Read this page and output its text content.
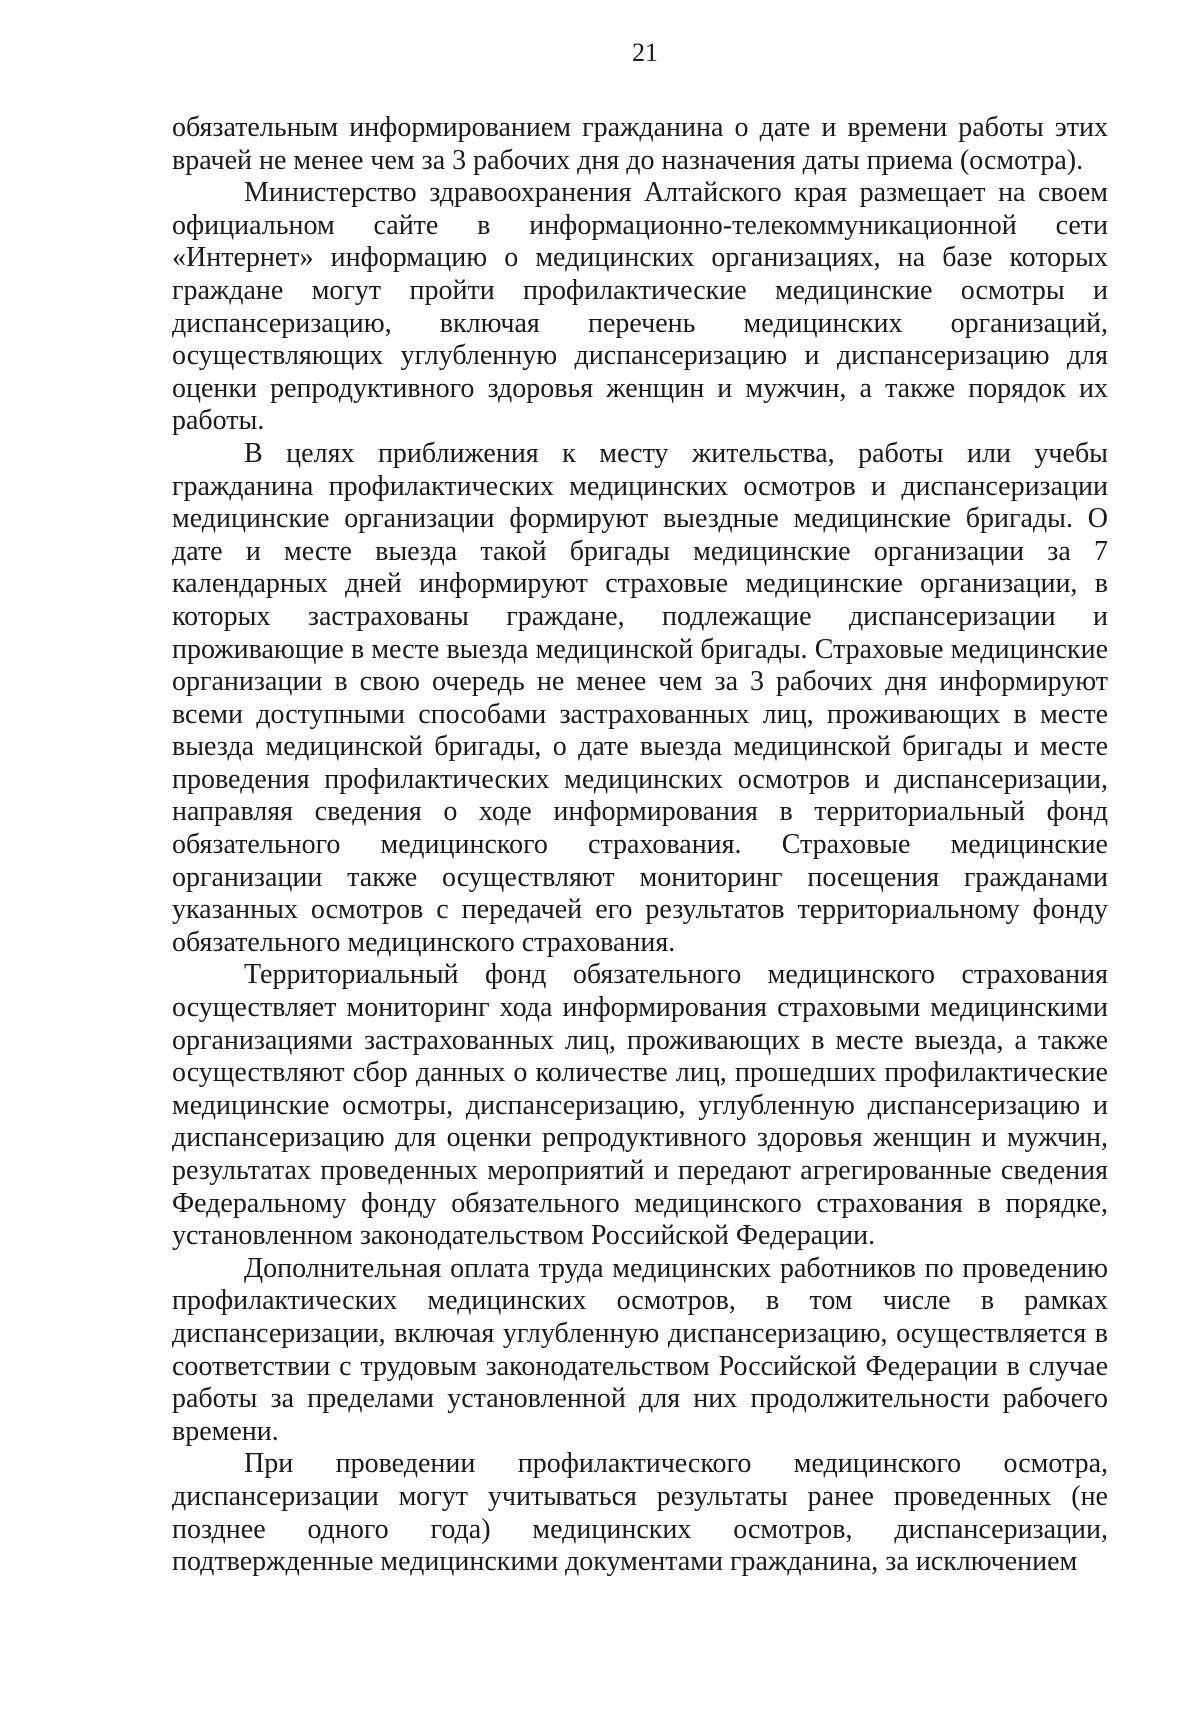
21

обязательным информированием гражданина о дате и времени работы этих врачей не менее чем за 3 рабочих дня до назначения даты приема (осмотра).

Министерство здравоохранения Алтайского края размещает на своем официальном сайте в информационно-телекоммуникационной сети «Интернет» информацию о медицинских организациях, на базе которых граждане могут пройти профилактические медицинские осмотры и диспансеризацию, включая перечень медицинских организаций, осуществляющих углубленную диспансеризацию и диспансеризацию для оценки репродуктивного здоровья женщин и мужчин, а также порядок их работы.

В целях приближения к месту жительства, работы или учебы гражданина профилактических медицинских осмотров и диспансеризации медицинские организации формируют выездные медицинские бригады. О дате и месте выезда такой бригады медицинские организации за 7 календарных дней информируют страховые медицинские организации, в которых застрахованы граждане, подлежащие диспансеризации и проживающие в месте выезда медицинской бригады. Страховые медицинские организации в свою очередь не менее чем за 3 рабочих дня информируют всеми доступными способами застрахованных лиц, проживающих в месте выезда медицинской бригады, о дате выезда медицинской бригады и месте проведения профилактических медицинских осмотров и диспансеризации, направляя сведения о ходе информирования в территориальный фонд обязательного медицинского страхования. Страховые медицинские организации также осуществляют мониторинг посещения гражданами указанных осмотров с передачей его результатов территориальному фонду обязательного медицинского страхования.

Территориальный фонд обязательного медицинского страхования осуществляет мониторинг хода информирования страховыми медицинскими организациями застрахованных лиц, проживающих в месте выезда, а также осуществляют сбор данных о количестве лиц, прошедших профилактические медицинские осмотры, диспансеризацию, углубленную диспансеризацию и диспансеризацию для оценки репродуктивного здоровья женщин и мужчин, результатах проведенных мероприятий и передают агрегированные сведения Федеральному фонду обязательного медицинского страхования в порядке, установленном законодательством Российской Федерации.

Дополнительная оплата труда медицинских работников по проведению профилактических медицинских осмотров, в том числе в рамках диспансеризации, включая углубленную диспансеризацию, осуществляется в соответствии с трудовым законодательством Российской Федерации в случае работы за пределами установленной для них продолжительности рабочего времени.

При проведении профилактического медицинского осмотра, диспансеризации могут учитываться результаты ранее проведенных (не позднее одного года) медицинских осмотров, диспансеризации, подтвержденные медицинскими документами гражданина, за исключением
